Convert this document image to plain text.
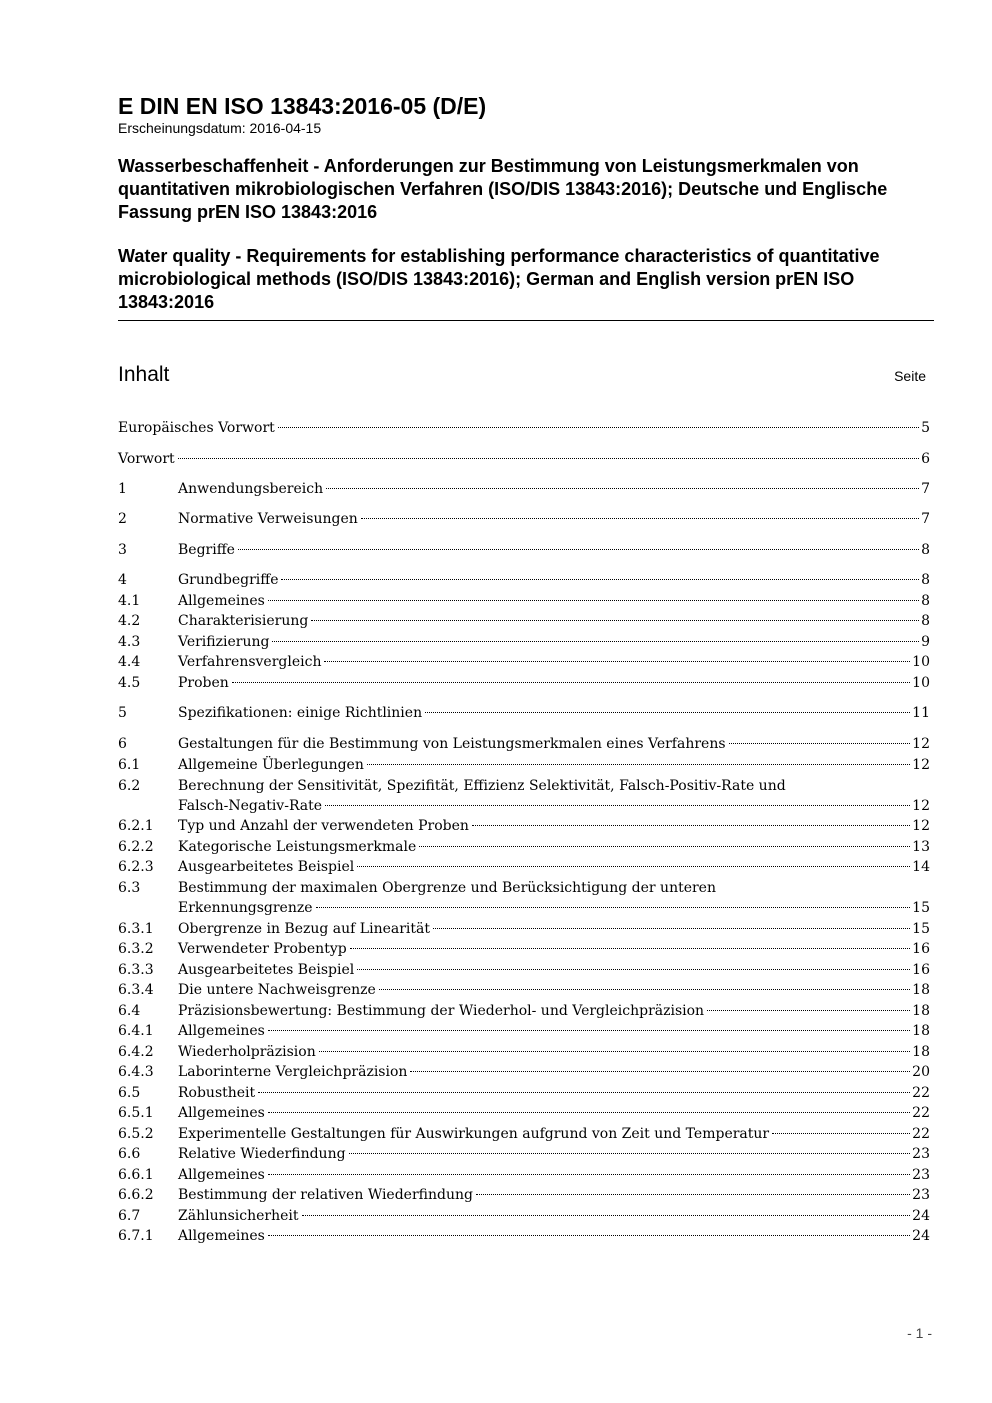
E DIN EN ISO 13843:2016-05 (D/E)

Erscheinungsdatum: 2016-04-15

Wasserbeschaffenheit - Anforderungen zur Bestimmung von Leistungsmerkmalen von quantitativen mikrobiologischen Verfahren (ISO/DIS 13843:2016); Deutsche und Englische Fassung prEN ISO 13843:2016

Water quality - Requirements for establishing performance characteristics of quantitative microbiological methods (ISO/DIS 13843:2016); German and English version prEN ISO 13843:2016

Inhalt	Seite
Europäisches Vorwort	5
Vorwort	6
1	Anwendungsbereich	7
2	Normative Verweisungen	7
3	Begriffe	8
4	Grundbegriffe	8
4.1	Allgemeines	8
4.2	Charakterisierung	8
4.3	Verifizierung	9
4.4	Verfahrensvergleich	10
4.5	Proben	10
5	Spezifikationen: einige Richtlinien	11
6	Gestaltungen für die Bestimmung von Leistungsmerkmalen eines Verfahrens	12
6.1	Allgemeine Überlegungen	12
6.2	Berechnung der Sensitivität, Spezifität, Effizienz Selektivität, Falsch-Positiv-Rate und
Falsch-Negativ-Rate	12
6.2.1 Typ und Anzahl der verwendeten Proben	12
6.2.2 Kategorische Leistungsmerkmale	13
6.2.3 Ausgearbeitetes Beispiel	14
6.3	Bestimmung der maximalen Obergrenze und Berücksichtigung der unteren
Erkennungsgrenze	15
6.3.1 Obergrenze in Bezug auf Linearität	15
6.3.2 Verwendeter Probentyp	16
6.3.3 Ausgearbeitetes Beispiel	16
6.3.4 Die untere Nachweisgrenze	18
6.4	Präzisionsbewertung: Bestimmung der Wiederhol- und Vergleichpräzision	18
6.4.1 Allgemeines	18
6.4.2 Wiederholpräzision	18
6.4.3 Laborinterne Vergleichpräzision	20
6.5	Robustheit	22
6.5.1 Allgemeines	22
6.5.2 Experimentelle Gestaltungen für Auswirkungen aufgrund von Zeit und Temperatur	22
6.6	Relative Wiederfindung	23
6.6.1 Allgemeines	23
6.6.2 Bestimmung der relativen Wiederfindung	23
6.7	Zählunsicherheit	24
6.7.1 Allgemeines	24
- 1 -
